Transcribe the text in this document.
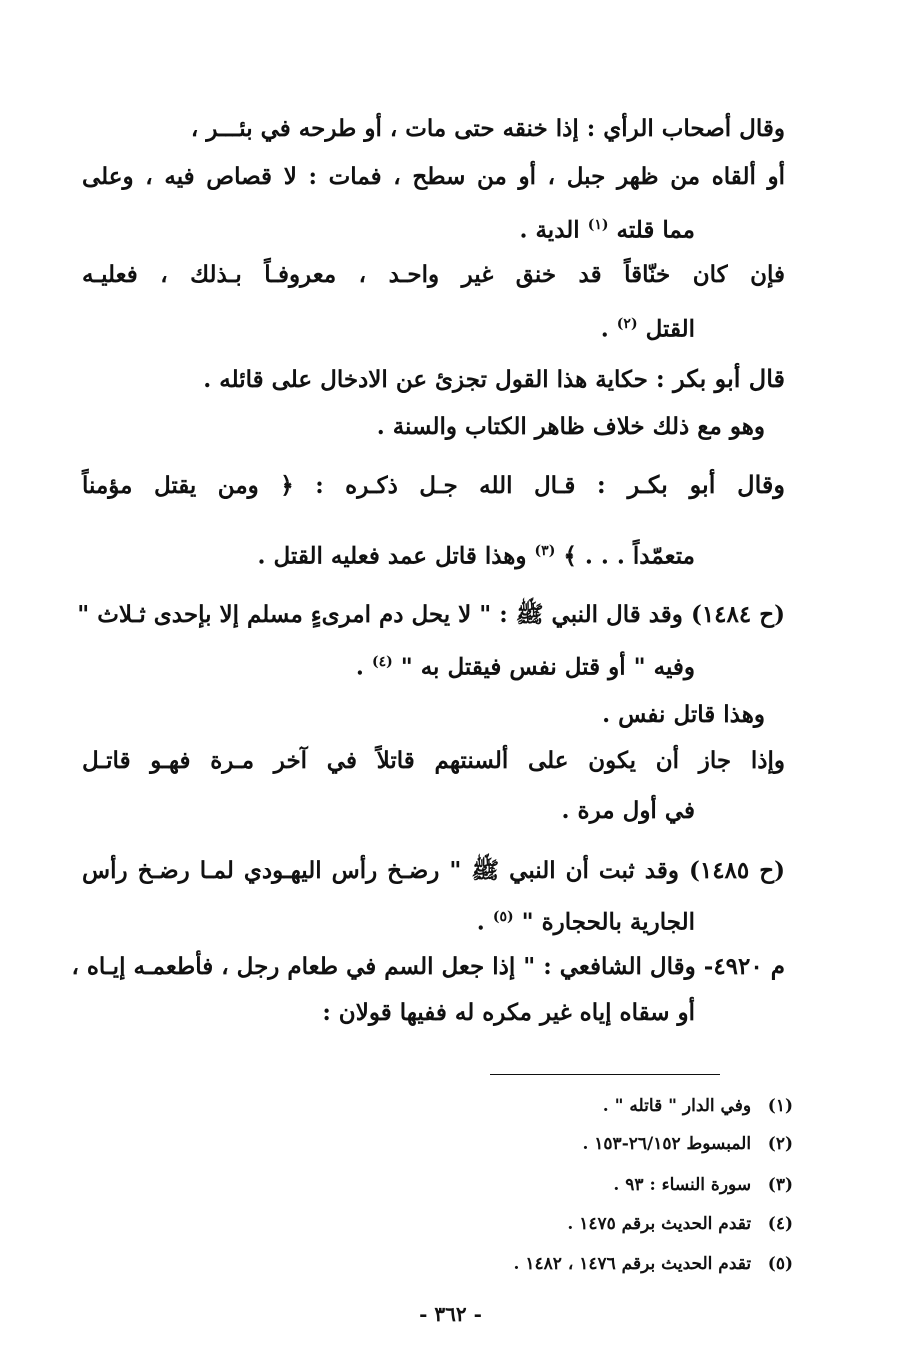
وقال أصحاب الرأي : إذا خنقه حتى مات ، أو طرحه في بئـــر ،
أو ألقاه من ظهر جبل ، أو من سطح ، فمات : لا قصاص فيه ، وعلى
مما قلته $^{(١)}$ الدية .
فإن كان خنّاقاً قد خنق غير واحـد ، معروفـاً بـذلك ، فعليـه
القتل $^{(٢)}$ .
قال أبو بكر : حكاية هذا القول تجزئ عن الادخال على قائله .
وهو مع ذلك خلاف ظاهر الكتاب والسنة .
وقال أبو بكـر : قـال الله جـل ذكـره : ﴿ ومن يقتل مؤمناً
متعمّداً . . . ﴾ $^{(٣)}$ وهذا قاتل عمد فعليه القتل .
(ح ١٤٨٤) وقد قال النبي ﷺ : " لا يحل دم امرىءٍ مسلم إلا بإحدى ثـلاث "
وفيه " أو قتل نفس فيقتل به " $^{(٤)}$ .
وهذا قاتل نفس .
وإذا جاز أن يكون على ألسنتهم قاتلاً في آخر مـرة فهـو قاتـل
في أول مرة .
(ح ١٤٨٥) وقد ثبت أن النبي ﷺ " رضـخ رأس اليهـودي لمـا رضـخ رأس
الجارية بالحجارة " $^{(٥)}$ .
م ٤٩٢٠- وقال الشافعي : " إذا جعل السم في طعام رجل ، فأطعمـه إيـاه ،
أو سقاه إياه غير مكره له ففيها قولان :
(١) وفي الدار " قاتله " .
(٢) المبسوط ٢٦/١٥٢-١٥٣ .
(٣) سورة النساء : ٩٣ .
(٤) تقدم الحديث برقم ١٤٧٥ .
(٥) تقدم الحديث برقم ١٤٧٦ ، ١٤٨٢ .
- ٣٦٢ -
